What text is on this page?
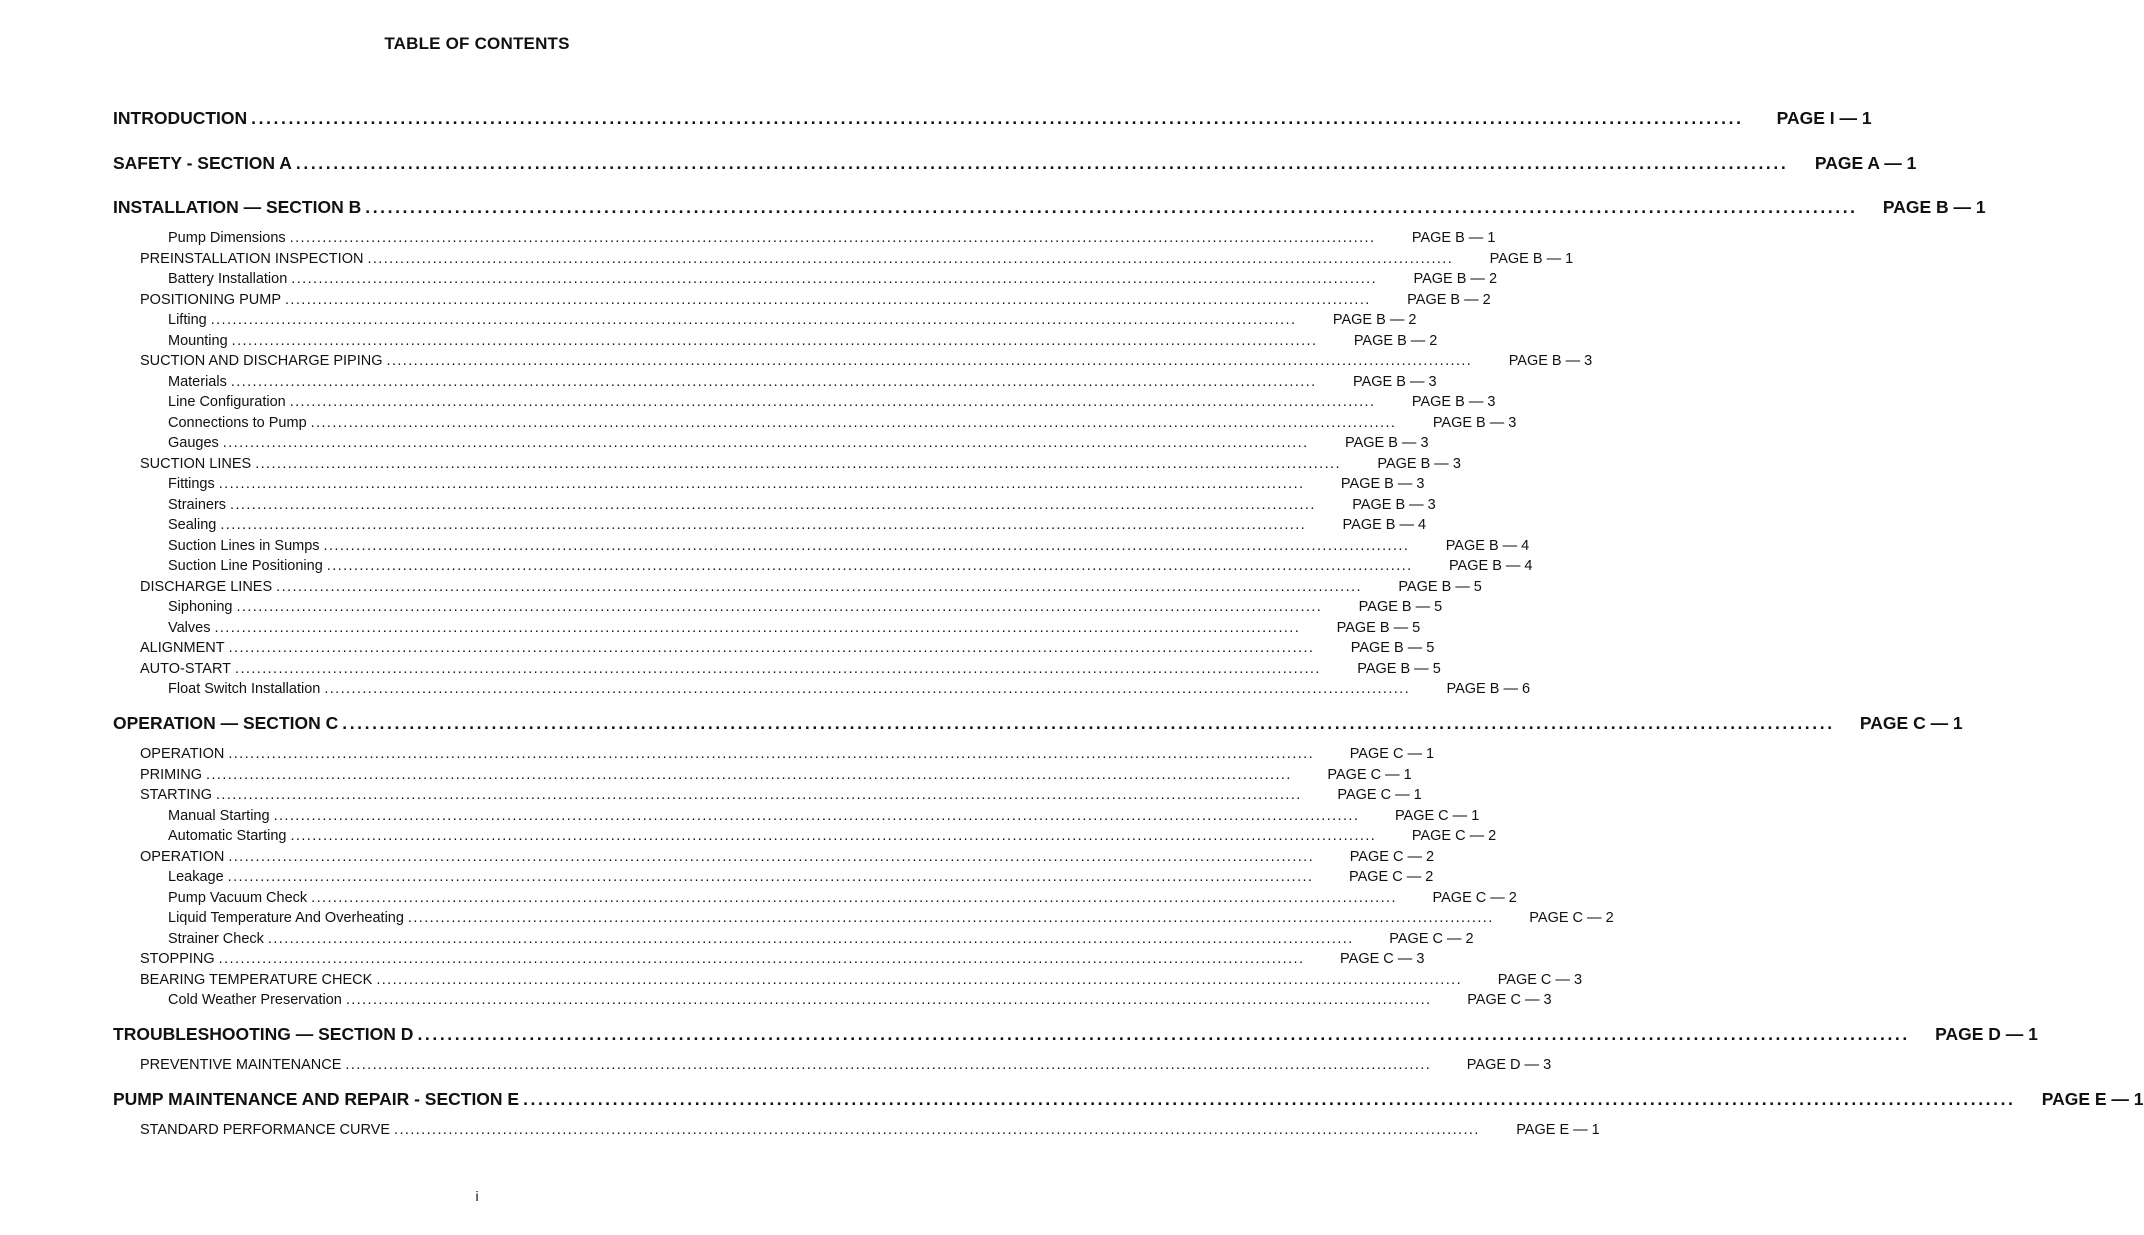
TABLE OF CONTENTS
INTRODUCTION ........................................................................................................................................................................................................	PAGE I — 1
SAFETY - SECTION A ........................................................................................................................................................................................................	PAGE A — 1
INSTALLATION — SECTION B ........................................................................................................................................................................................................	PAGE B — 1
Pump Dimensions ........................................................................................................................................................................................................	PAGE B — 1
PREINSTALLATION INSPECTION ........................................................................................................................................................................................................	PAGE B — 1
Battery Installation ........................................................................................................................................................................................................	PAGE B — 2
POSITIONING PUMP ........................................................................................................................................................................................................	PAGE B — 2
Lifting ........................................................................................................................................................................................................	PAGE B — 2
Mounting ........................................................................................................................................................................................................	PAGE B — 2
SUCTION AND DISCHARGE PIPING ........................................................................................................................................................................................................	PAGE B — 3
Materials ........................................................................................................................................................................................................	PAGE B — 3
Line Configuration ........................................................................................................................................................................................................	PAGE B — 3
Connections to Pump ........................................................................................................................................................................................................	PAGE B — 3
Gauges ........................................................................................................................................................................................................	PAGE B — 3
SUCTION LINES ........................................................................................................................................................................................................	PAGE B — 3
Fittings ........................................................................................................................................................................................................	PAGE B — 3
Strainers ........................................................................................................................................................................................................	PAGE B — 3
Sealing ........................................................................................................................................................................................................	PAGE B — 4
Suction Lines in Sumps ........................................................................................................................................................................................................	PAGE B — 4
Suction Line Positioning ........................................................................................................................................................................................................	PAGE B — 4
DISCHARGE LINES ........................................................................................................................................................................................................	PAGE B — 5
Siphoning ........................................................................................................................................................................................................	PAGE B — 5
Valves ........................................................................................................................................................................................................	PAGE B — 5
ALIGNMENT ........................................................................................................................................................................................................	PAGE B — 5
AUTO-START ........................................................................................................................................................................................................	PAGE B — 5
Float Switch Installation ........................................................................................................................................................................................................	PAGE B — 6
OPERATION — SECTION C ........................................................................................................................................................................................................	PAGE C — 1
OPERATION ........................................................................................................................................................................................................	PAGE C — 1
PRIMING ........................................................................................................................................................................................................	PAGE C — 1
STARTING ........................................................................................................................................................................................................	PAGE C — 1
Manual Starting ........................................................................................................................................................................................................	PAGE C — 1
Automatic Starting ........................................................................................................................................................................................................	PAGE C — 2
OPERATION ........................................................................................................................................................................................................	PAGE C — 2
Leakage ........................................................................................................................................................................................................	PAGE C — 2
Pump Vacuum Check ........................................................................................................................................................................................................	PAGE C — 2
Liquid Temperature And Overheating ........................................................................................................................................................................................................	PAGE C — 2
Strainer Check ........................................................................................................................................................................................................	PAGE C — 2
STOPPING ........................................................................................................................................................................................................	PAGE C — 3
BEARING TEMPERATURE CHECK ........................................................................................................................................................................................................	PAGE C — 3
Cold Weather Preservation ........................................................................................................................................................................................................	PAGE C — 3
TROUBLESHOOTING — SECTION D ........................................................................................................................................................................................................	PAGE D — 1
PREVENTIVE MAINTENANCE ........................................................................................................................................................................................................	PAGE D — 3
PUMP MAINTENANCE AND REPAIR - SECTION E ........................................................................................................................................................................................................	PAGE E — 1
STANDARD PERFORMANCE CURVE ........................................................................................................................................................................................................	PAGE E — 1
i
